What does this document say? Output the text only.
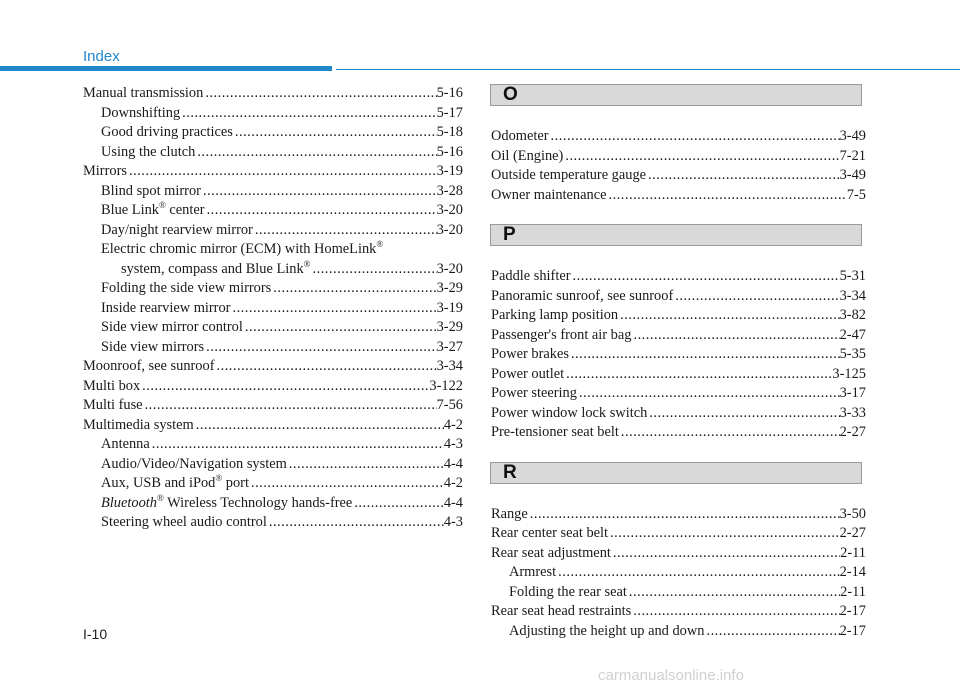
Index
Manual transmission .....	5-16
Downshifting .....	5-17
Good driving practices .....	5-18
Using the clutch .....	5-16
Mirrors .....	3-19
Blind spot mirror .....	3-28
Blue Link® center .....	3-20
Day/night rearview mirror .....	3-20
Electric chromic mirror (ECM) with HomeLink®
system, compass and Blue Link® .....	3-20
Folding the side view mirrors .....	3-29
Inside rearview mirror .....	3-19
Side view mirror control .....	3-29
Side view mirrors .....	3-27
Moonroof, see sunroof .....	3-34
Multi box .....	3-122
Multi fuse .....	7-56
Multimedia system .....	4-2
Antenna .....	4-3
Audio/Video/Navigation system .....	4-4
Aux, USB and iPod® port .....	4-2
Bluetooth® Wireless Technology hands-free .....	4-4
Steering wheel audio control .....	4-3
O
Odometer .....	3-49
Oil (Engine) .....	7-21
Outside temperature gauge .....	3-49
Owner maintenance .....	7-5
P
Paddle shifter .....	5-31
Panoramic sunroof, see sunroof .....	3-34
Parking lamp position .....	3-82
Passenger's front air bag .....	2-47
Power brakes .....	5-35
Power outlet .....	3-125
Power steering .....	3-17
Power window lock switch .....	3-33
Pre-tensioner seat belt .....	2-27
R
Range .....	3-50
Rear center seat belt .....	2-27
Rear seat adjustment .....	2-11
Armrest .....	2-14
Folding the rear seat .....	2-11
Rear seat head restraints .....	2-17
Adjusting the height up and down .....	2-17
I-10
carmanualsonline.info
